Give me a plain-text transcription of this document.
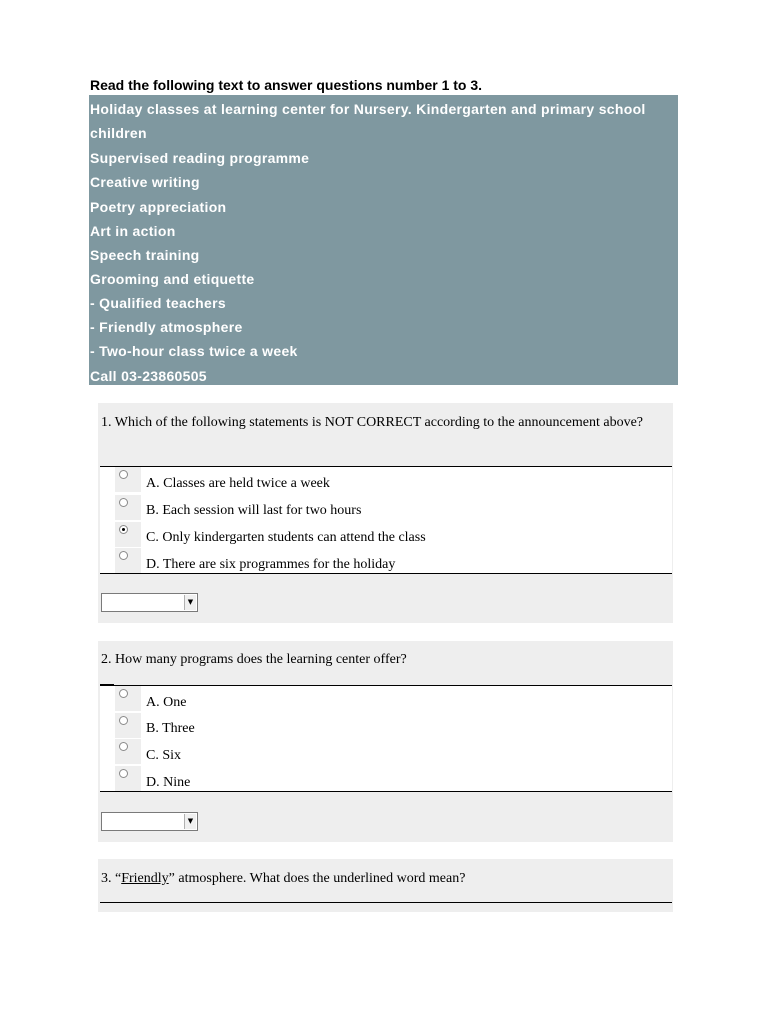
Read the following text to answer questions number 1 to 3.
Holiday classes at learning center for Nursery. Kindergarten and primary school
children
Supervised reading programme
Creative writing
Poetry appreciation
Art in action
Speech training
Grooming and etiquette
- Qualified teachers
- Friendly atmosphere
- Two-hour class twice a week
Call 03-23860505
1. Which of the following statements is NOT CORRECT according to the announcement above?
A. Classes are held twice a week
B. Each session will last for two hours
C. Only kindergarten students can attend the class
D. There are six programmes for the holiday
▼
2. How many programs does the learning center offer?
A. One
B. Three
C. Six
D. Nine
▼
3. “Friendly” atmosphere. What does the underlined word mean?
